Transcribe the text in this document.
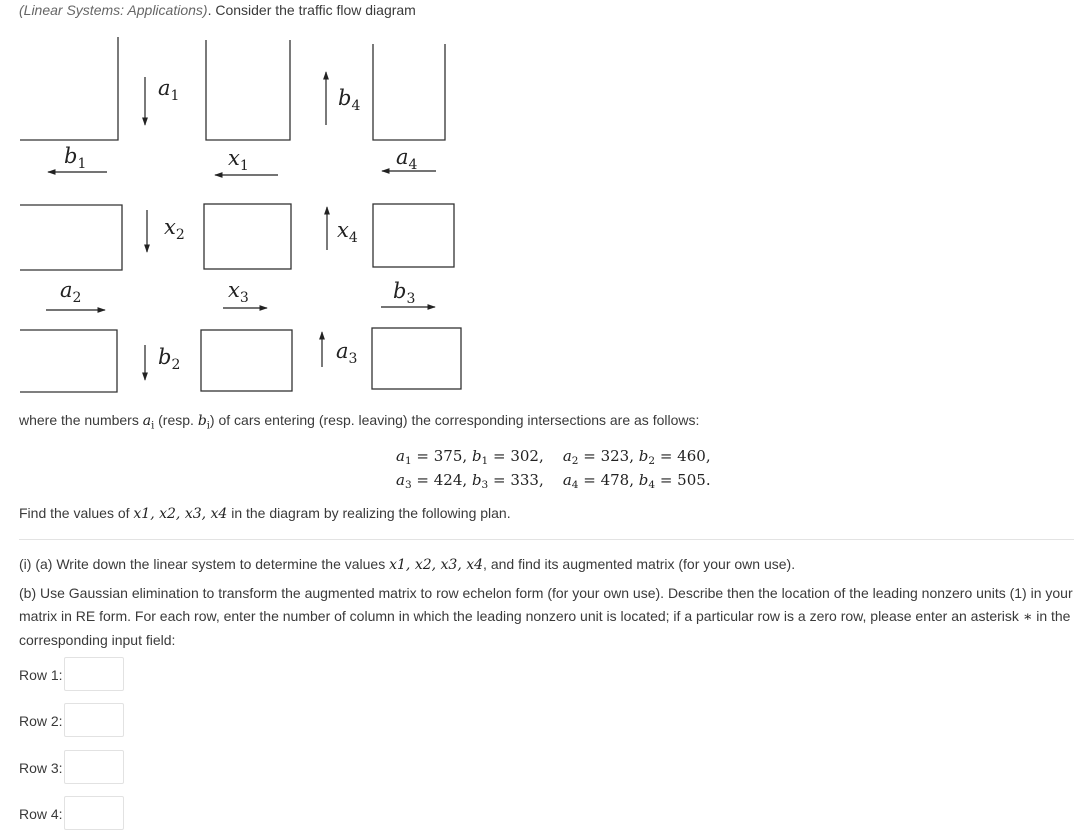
(Linear Systems: Applications). Consider the traffic flow diagram
$a_1$	$b_4$
$b_1$	$x_1$	$a_4$
$x_2$	$x_4$
$a_2$	$x_3$	$b_3$
$b_2$
$a_3$
where the numbers $a_i$ (resp. $b_i$) of cars entering (resp. leaving) the corresponding intersections are as follows:
$a_1 = 375$, $b_1 = 302$,    $a_2 = 323$, $b_2 = 460$,
$a_3 = 424$, $b_3 = 333$,    $a_4 = 478$, $b_4 = 505$.
Find the values of x1, x2, x3, x4 in the diagram by realizing the following plan.
(i) (a) Write down the linear system to determine the values x1, x2, x3, x4, and find its augmented matrix (for your own use).
(b) Use Gaussian elimination to transform the augmented matrix to row echelon form (for your own use). Describe then the location of the leading nonzero units (1) in your matrix in RE form. For each row, enter the number of column in which the leading nonzero unit is located; if a particular row is a zero row, please enter an asterisk ∗ in the corresponding input field:
Row 1:
Row 2:
Row 3:
Row 4:
